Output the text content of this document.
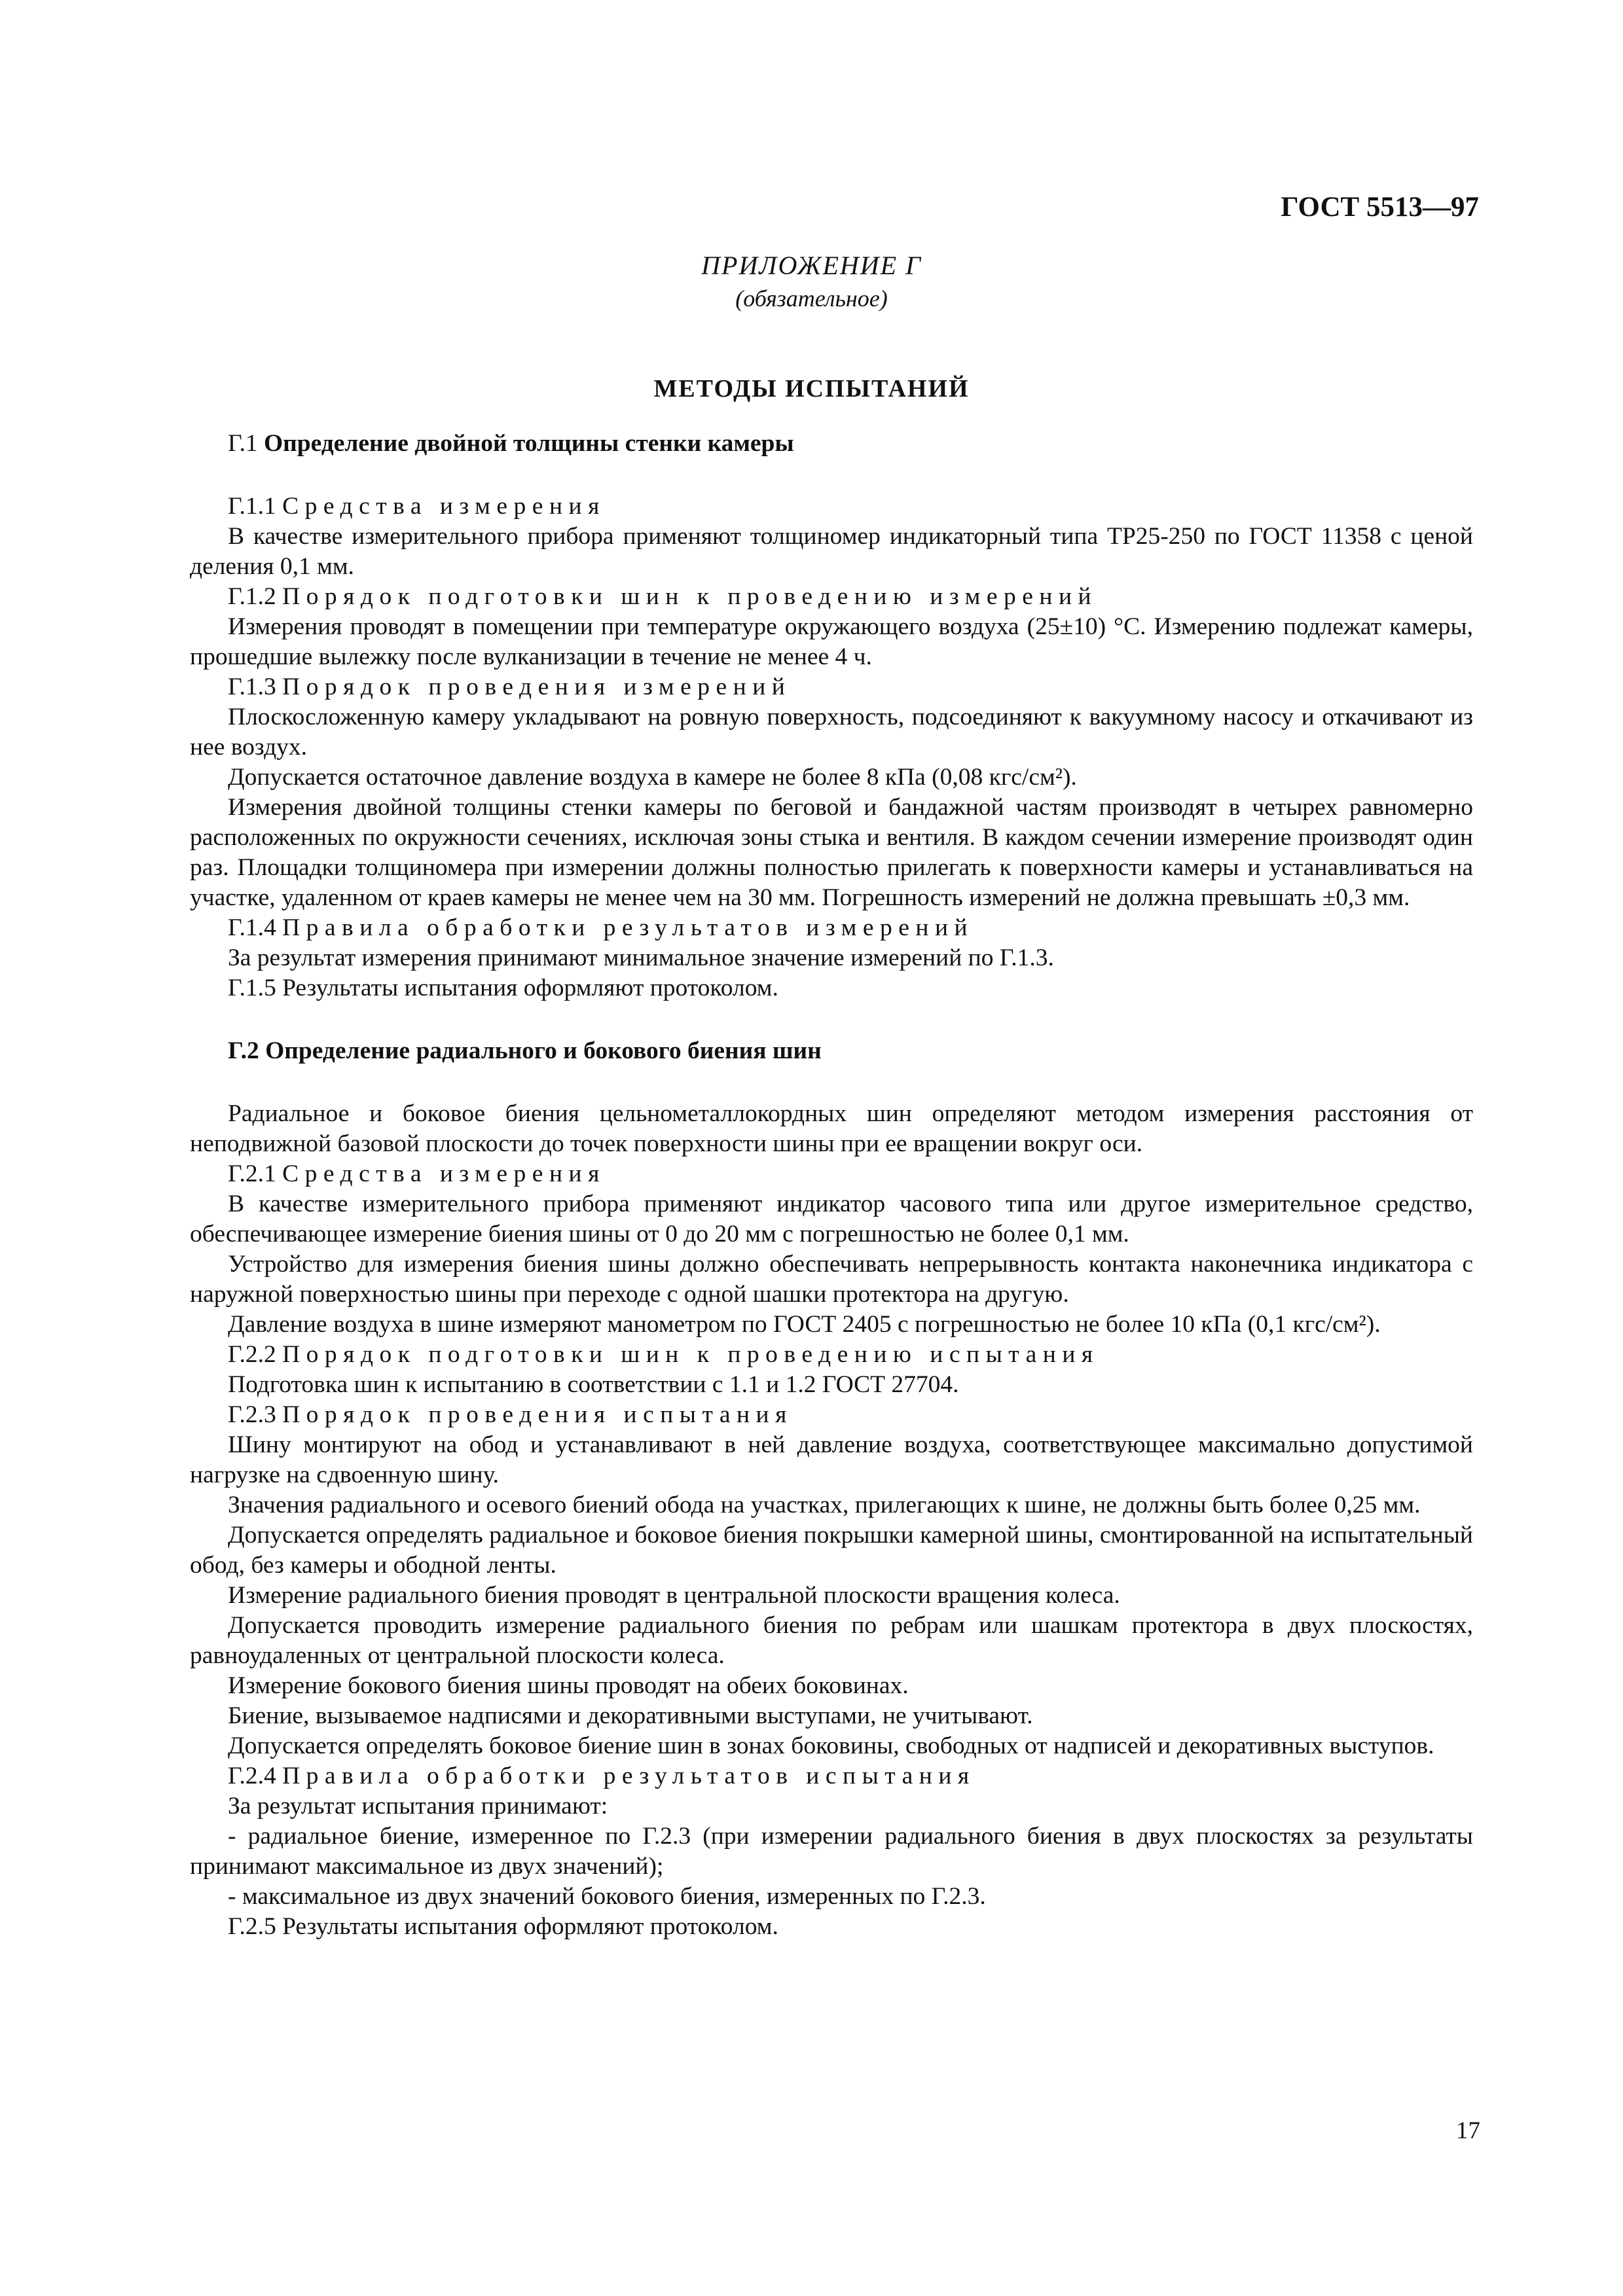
ГОСТ 5513—97
ПРИЛОЖЕНИЕ Г
(обязательное)
МЕТОДЫ ИСПЫТАНИЙ

Г.1 Определение двойной толщины стенки камеры

Г.1.1 Средства измерения

В качестве измерительного прибора применяют толщиномер индикаторный типа ТР25-250 по ГОСТ 11358 с ценой деления 0,1 мм.

Г.1.2 Порядок подготовки шин к проведению измерений

Измерения проводят в помещении при температуре окружающего воздуха (25±10) °С. Измерению подлежат камеры, прошедшие вылежку после вулканизации в течение не менее 4 ч.

Г.1.3 Порядок проведения измерений

Плоскосложенную камеру укладывают на ровную поверхность, подсоединяют к вакуумному насосу и откачивают из нее воздух.

Допускается остаточное давление воздуха в камере не более 8 кПа (0,08 кгс/см²).

Измерения двойной толщины стенки камеры по беговой и бандажной частям производят в четырех равномерно расположенных по окружности сечениях, исключая зоны стыка и вентиля. В каждом сечении измерение производят один раз. Площадки толщиномера при измерении должны полностью прилегать к поверхности камеры и устанавливаться на участке, удаленном от краев камеры не менее чем на 30 мм. Погрешность измерений не должна превышать ±0,3 мм.

Г.1.4 Правила обработки результатов измерений

За результат измерения принимают минимальное значение измерений по Г.1.3.

Г.1.5 Результаты испытания оформляют протоколом.

Г.2 Определение радиального и бокового биения шин

Радиальное и боковое биения цельнометаллокордных шин определяют методом измерения расстояния от неподвижной базовой плоскости до точек поверхности шины при ее вращении вокруг оси.

Г.2.1 Средства измерения

В качестве измерительного прибора применяют индикатор часового типа или другое измерительное средство, обеспечивающее измерение биения шины от 0 до 20 мм с погрешностью не более 0,1 мм.

Устройство для измерения биения шины должно обеспечивать непрерывность контакта наконечника индикатора с наружной поверхностью шины при переходе с одной шашки протектора на другую.

Давление воздуха в шине измеряют манометром по ГОСТ 2405 с погрешностью не более 10 кПа (0,1 кгс/см²).

Г.2.2 Порядок подготовки шин к проведению испытания

Подготовка шин к испытанию в соответствии с 1.1 и 1.2 ГОСТ 27704.

Г.2.3 Порядок проведения испытания

Шину монтируют на обод и устанавливают в ней давление воздуха, соответствующее максимально допустимой нагрузке на сдвоенную шину.

Значения радиального и осевого биений обода на участках, прилегающих к шине, не должны быть более 0,25 мм.

Допускается определять радиальное и боковое биения покрышки камерной шины, смонтированной на испытательный обод, без камеры и ободной ленты.

Измерение радиального биения проводят в центральной плоскости вращения колеса.

Допускается проводить измерение радиального биения по ребрам или шашкам протектора в двух плоскостях, равноудаленных от центральной плоскости колеса.

Измерение бокового биения шины проводят на обеих боковинах.

Биение, вызываемое надписями и декоративными выступами, не учитывают.

Допускается определять боковое биение шин в зонах боковины, свободных от надписей и декоративных выступов.

Г.2.4 Правила обработки результатов испытания

За результат испытания принимают:

- радиальное биение, измеренное по Г.2.3 (при измерении радиального биения в двух плоскостях за результаты принимают максимальное из двух значений);

- максимальное из двух значений бокового биения, измеренных по Г.2.3.

Г.2.5 Результаты испытания оформляют протоколом.

17
